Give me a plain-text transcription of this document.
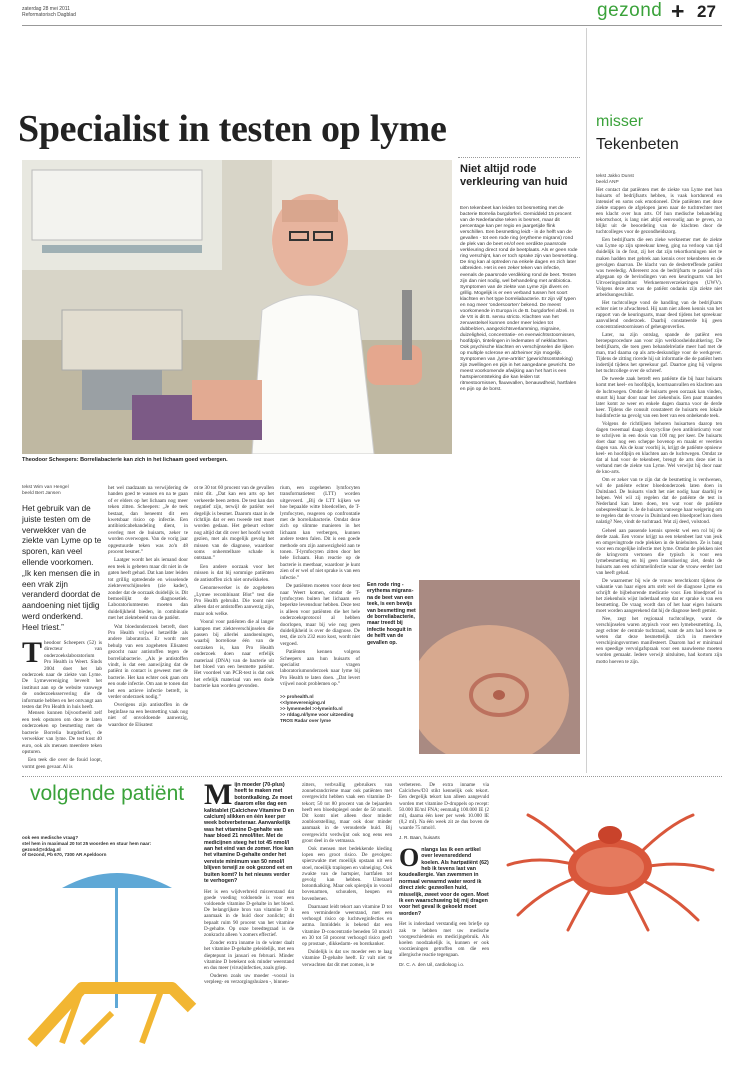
zaterdag 28 mei 2011
Reformatorisch Dagblad	gezond + 27
Specialist in testen op lyme
Theodoor Scheepers: Borreliabacterie kan zich in het lichaam goed verbergen.
Niet altijd rode verkleuring van huid
Een tekenbeet kan leiden tot besmetting met de bacterie Borrelia burgdorferi. Gemiddeld 15 procent van de Nederlandse teken is besmet, maar dit percentage kan per regio en jaargetijde flink verschillen. Een besmetting leidt - in de helft van de gevallen - tot een rode ring (erytheme migrans) rond de plek van de beet en/of een verdikte paarsrode verkleuring direct rond de beetplaats. Als er geen rode ring verschijnt, kan er toch sprake zijn van besmetting. De ring kan al optreden na enkele dagen en zich later uitbreiden. Het is een zeker teken van infectie, evenals de paarsrode verdikking rond de beet. Testen zijn dan niet nodig, wel behandeling met antibiotica. Symptomen van de ziekte van Lyme zijn divers en grillig. Mogelijk is er een verband tussen het soort klachten en het type borreliabacterie. Er zijn vijf typen en nog meer ‘ondersoorten’ bekend. De meest voorkomende in Europa is de B. burgdorferi afzeli. In de VS is dit B. sensu stricto. Klachten van het zenuwstelsel kunnen onder meer leiden tot dubbelzien, aangezichtsverlamming, migraine, duizeligheid, concentratie- en evenwichtsstoornissen, hoofdpijn, tintelingen in ledematen of nekklachten. Ook psychische klachten en verschijnselen die lijken op multiple sclerose en alzheimer zijn mogelijk. Symptomen van „lyme-artritis” (gewrichtsontsteking) zijn zwellingen en pijn in het aangedane gewricht. De meest voorkomende afwijking aan het hart is een hartspierontsteking die kan leiden tot ritmestoornissen, flauwvallen, benauwdheid, hartfalen en pijn op de borst.
tekst Wim van Hengel
beeld Bert Jansen
Het gebruik van de juiste testen om de verwekker van de ziekte van Lyme op te sporen, kan veel ellende voorkomen. „Ik ken mensen die in een vrak zijn veranderd doordat de aandoening niet tijdig werd onderkend. Heel triest.”
T heodoor Scheepers (52) is directeur van onderzoekslaboratorium Pro Health in Weert. Sinds 2004 doet het lab onderzoek naar de ziekte van Lyme. De Lymevereniging beveelt het instituut aan op de website vanwege de onderzoeksservering die de informatie hebben en het ontvangt aan testen dat Pro Health in huis heeft.

Mensen kunnen bijvoorbeeld zelf een teek opsturen om deze te laten onderzoeken op besmetting met de bacterie Borrelia burgdorferi, de verwekker van lyme. De test kost 40 euro, ook als mensen meerdere teken opsturen.

Een teek die over de fouid loopt, vormt geen gevaar. Al is

het wel raadzaam na verwijdering de handen goed te wassen en na te gaan of er elders op het lichaam nog meer teken zitten. Scheepers: „Je de teek bestaat, dan beneemt dit een kwetsbaar risico op infectie. Een antibioticabehandeling dient, in overleg met de huisarts, zeker te worden overwogen. Van de vorig jaar opgestuurde teken was zo'n 48 procent besmet.”

Laatger wordt het als iemand door een teek is gebeten maar dit niet in de gaten heeft gehad. Dat kan later leiden tot grillig optredende en wisselende ziekteverschijnselen (zie kader), zonder dat de oorzaak duidelijk is. Dit bemoeilijkt de diagnosetiek. Laboratoriumtesten moeten dan duidelijkheid bieden, in combinatie met het ziektebeeld van de patiënt.

Wat bloedonderzoek betreft, doet Pro Health vrijwel hetzelfde als andere laboratoria. Er wordt met behulp van een zogeheten Elisatest gezocht naar antistoffen tegen de borreliabacterie. „Als je antistoffen vindt, is dat een aanwijzing dat de patiënt in contact is geweest met de bacterie. Het kan echter ook gaan om een oude infectie. Om aan te tonen dat het een actieve infectie betreft, is verder onderzoek nodig.”

Overigens zijn antistoffen in de beginfase na een besmetting vaak nog niet of onvoldoende aanwezig, waardoor de Elisatest

ot te 30 tot 60 procent van de gevallen mist dit. „Dat kan een arts op het verkeerde been zetten. De test kan dan negatief zijn, terwijl de patiënt wel degelijk is besmet. Daarom staat in de richtlijn dat er een tweede test moet worden gedaan. Het gebeurt echter nog altijd dat dit over het hoofd wordt gezien, met als mogelijk gevolg het missen van de diagnose, waardoor soms onherstelbare schade is ontstaan.”

Een andere oorzaak voor het missen is dat bij sommige patiënten de antistoffen zich niet ontwikkelen.

Genomewerker is de zogeheten „Lymee recombinant Blot” test die Pro Health gebruikt. Die toont niet alleen dat er antistoffen aanwezig zijn, maar ook welke.

Vooral voor patiënten die al langer kampen met ziekteverschijnselen die passen bij allerlei aandoeningen, waarbij borreliose één van de oorzaken is, kan Pro Health onderzoek doen naar erfelijk materiaal (DNA) van de bacterie uit het bloed van een besmette patiënt. Het voordeel van PCR-test is dat ook het erfelijk materiaal van een dode bacterie kan worden gevonden.

rium, een zogeheten lymfocyten transformatietest (LTT) worden uitgevoerd. „Bij de LTT kijken we hoe bepaalde witte bloedcellen, de T-lymfocyten, reageren op confrontatie met de borreliabacterie. Omdat deze zich op slimme manieren in het lichaam kan verbergen, kunnen andere testen falen. Dit is een goede methode om zijn aanwezigheid aan te tonen. T-lymfocyten zitten door het hele lichaam. Hun reactie op de bacterie is meetbaar, waardoor je kunt zien of er wel of niet sprake is van een infectie.”

De patiënten moeten voor deze test naar Weert komen, omdat de T-lymfocyten buiten het lichaam een beperkte levensduur hebben. Deze test is alleen voor patiënten die het hele onderzoeksprotocol al hebben doorlopen, maar bij wie nog geen duidelijkheid is over de diagnose. De test, die zo'n 232 euro kost, wordt niet vergoed.

Patiënten kennen volgens Scheepers aan hun huisarts of specialist vragen laboratoriumonderzoek naar lyme bij Pro Health te laten doen. „Dat levert vrijwel nooit problemen op.”

>> prohealth.nl <<lymevereniging.nl
>> lymemedel >>lymeinfo.nl
>> rddag.nl/lyme voor uitzending TROS Radar over lyme
Een rode ring -erythema migrans- na de beet van een teek, is een bewijs van besmetting met de borreliabacterie, maar treedt bij infectie hooguit in de helft van de gevallen op.
misser
Tekenbeten
tekst Jakko Dunst
beeld ANP

Het contact dat patiënten met de ziekte van Lyme met hun huisarts of bedrijfsarts hebben, is vaak kortdurend en intensief en soms ook emotioneel. Drie patiënten met deze ziekte stappen de afgelopen jaren naar de tuchtrechter met een klacht over hun arts. Of hun medische behandeling tekortschoot, is lang niet altijd eenvoudig aan te geven, zo blijkt uit de beoordeling van de klachten door de tuchtcolleges voor de gezondheidszorg.

Een bedrijfsarts die een zieke werknemer met de ziekte van Lyme op zijn spreekuur kreeg, ging na verloop van tijd duidelijk in de fout, zij het dat zijn tekortkomingen niet te maken hadden met gebrek aan kennis over tekenbeten en de gevolgen daarvan. De klacht van de desbetreffende patiënt was tweeledig. Allereerst zou de bedrijfsarts te passief zijn afgegaan op de bevindingen van een keuringsarts van het Uitvoeringsinstituut Werknemersverzekeringen (UWV). Volgens deze arts was de patiënt ondanks zijn ziekte niet arbeidsongeschikt.

Het tuchtcollege vond de handling van de bedrijfsarts echter niet te afwachtend. Hij nam niet alleen kennis van het rapport van de keuringsarts, maar deed tijdens het spreekuur aanvullend onderzoek. Daarbij constateerde hij geen concentratiestoornissen of geheugenverlies.

Later, na zijn ontslag, spande de patiënt een beroepsprocedure aan voor zijn werkloosheidsuitkering. De bedrijfsarts, die toen geen behandelrelatie meer had met de man, trad daarna op als arts-deskundige voor de werkgever. Tijdens de zitting ricerde hij uit informatie die de patiënt hem indertijd tijdens het spreekuur gaf. Daartoe ging hij volgens het tuchtcollege over de schreef.

De tweede zaak betreft een patiënte die bij haar huisarts komt met keel- en hoofdpijn, koortsaanvallen en klachten aan de luchtwegen. Omdat de huisarts geen oorzaak kan vinden, stuurt hij haar door naar het ziekenhuis. Een paar maanden later komt ze weer en enkele dagen daarna voor de derde keer. Tijdens die consult constateert de huisarts een lokale huidinfectie na gevolg van een beet van een onbekende teek.

Volgens de richtlijnen behoren huisartsen daarop ten dagen tweemaal daags doxycycline (een antibioticum) voor te schrijven in een dosis van 100 mg per keer. De huisarts doet daar nog een scheppe bovenop en maakt er veertien dagen van. Als de kuur voorbij is, krijgt de patiënte opnieuw keel- en hoofdpijn en klachten aan de luchtwegen. Omdat ze dat al had voor de tekenbeet, brengt de arts deze niet in verband met de ziekte van Lyme. Wel verwijst hij door naar de kno-arts.

Om er zeker van te zijn dat de besmetting is verdwenen, wil de patiënte echter bloedonderzoek laten doen in Duitsland. De huisarts vindt het niet nodig haar daarbij te helpen. Wel wil zij regelen dat de patiënte de test in Nederland kan laten doen, ten wat voor de patiënte onbespreekbaar is. Je de huisarts vanwege haar weigering om te regelen dat de vrouw in Duitsland een bloedproef kon doen nalatig? Nee, vindt de tuchtraad. Wat zij deed, volstond.

Geheel aan passende kennis spreekt wel een rol bij de derde zaak. Een vrouw krijgt na een tekenbeet last van jeuk en omgevingtrode rode plekken in de kniebuiten. Ze is bang voor een mogelijke infectie met lyme. Omdat de plekken niet de kringvorm vertonen die typisch is voor een lymebesmetting en bij geen lateralisering ziet, denkt de huisarts aan een schimmelinfectie waar de vrouw eerder last van heeft gehad.

De waarnemer bij wie de vrouw terechtkomt tijdens de vakantie van haar eigen arts stelt wel de diagnose Lyme en schrijft de bijbehorende medicatie voor. Een bloedproef in het ziekenhuis wijst inderdaad erop dat er sprake is van een besmetting. De vraag wordt dan of het haar eigen huisarts moet worden aangerekend dat hij de diagnose heeft gemist.

Nee, zegt het regionaal tuchtcollege, want de verschijnselen waren atypisch voor een lymebesmetting. Ja, zegt echter de centrale tuchtraad, want de arts had horen te weten dat deze besmettelijk zich in meerdere verschijningsvormen manifesteert. Daarom had er minimaal een speedige vervolgafspraak voor een nauwleerse moeten worden gemaakt. Iedere verwijt uitsluiten, had kortom zijn motto hoeven te zijn.

volgende patiënt
ook een medische vraag?
stel hem in maximaal 20 tot 25 woorden en stuur hem naar:
gezond@rddag.nl
of Gezond, Pb 670, 7300 AR Apeldoorn
M ijn moeder (70-plus) heeft te maken met botontkalking. Ze moet daarom elke dag een kalktablet (Calcichew Vitamine D en calcium) slikken en één keer per week botverbeteraar. Aanvankelijk was het vitamine D-gehalte van haar bloed 21 nmol/liter. Met de medicijnen steeg het tot 45 nmol/l aan het eind van de zomer. Hoe kan het vitamine D-gehalte onder het vereiste minimum van 50 nmol/l blijven terwijl ze ook gezond eet en buiten komt? Is het nieuws verder te verhogen?

Het is een wijdverbreid misverstand dat goede voeding voldoende is voor een voldoende vitamine D-gehalte in het bloed. De belangrijkste bron van vitamine D is aanmaak in de huid door zonlicht; dit bepaalt ruim 90 procent van het vitamine D-gehalte. Op onze breedtegraad is de zonkracht alleen 's zomers effectief.

Zonder extra inname in de winter daalt het vitamine D-gehalte geleidelijk, met een dieptepunt in januari en februari. Minder vitamine D betekent ook minder weerstand en dus meer (virus)infecties, zoals griep.

Ouderen zoals uw moeder -vooral in verpleeg- en verzorgingshuizen -, binnen-

zitters, verbvallig gebruikers van zonnebrandcrème maar ook patiënten met overgewicht hebben vaak een vitamine D-tekort; 50 tot 80 procent van de bejaarden heeft een bloedspiegel onder de 50 nmol/l. Dit komt niet alleen door minder zonblootstelling, maar ook door minder aanmaak in de verouderde huid. Bij overgewicht verdwijnt ook nog eens een groot deel in de vetmassa.

Ook mensen met bedekkende kleding lopen een groot risico. De gevolgen: spierzwakte met moeilijk opstaan uit een stoel, moeilijk traplopen en valneiging. Ook zwakte van de hartspier, hartfalen tot gevolg kan hebben. Uiteraard botontkalking. Maar ook spierpijn in vooral bovenarmen, schouders, heupen en bovenbenen.

Daarnaast leidt tekort aan vitamine D tot een verminderde weerstand, met een verhoogd risico op luchtweginfecties en astma. Inmiddels is bekend dat een vitamine D-concentratie beneden 50 nmol/l en 30 tot 50 procent verhoogd risico geeft op prostaat-, dikkedarm- en borstkanker.

Duidelijk is dat uw moeder een te laag vitamine D-gehalte heeft. Er valt niet te verwachten dat dit met zomen, is te

verbeteren. De extra inname via Calcichew/D3 stikt kennelijk ook tekort. Een dergelijk tekort kan alleen aangevuld worden met vitamine D-druppels op recept: 50.000 IE/ml FNA; eenmalig 100.000 IE (2 ml), daarna één keer per week 10.000 IE (0,2 ml). Na één week zit ze dus boven de waarde 75 nmol/l.

J. R. Baan, huisarts
O nlangs las ik een artikel over levensreddend koelen. Als hartpatiënt (62) heb ik tevens last van koudeallergie. Van zwemmen in normaal verwarmd water word ik direct ziek: gezwollen huid, misselijk, zweet voor de ogen. Moet ik een waarschuwing bij mij dragen voor het geval ik gekoeld moet worden?

Het is inderdaad verstandig een briefje op zak te hebben met uw medische voorgeschiedenis en medicijngebruik. Als koelen noodzakelijk is, kunnen er ook voorzieningen getroffen om die een allergische reactie tegengaan.

Dr. C. A. den Uil, cardioloog i.o.
